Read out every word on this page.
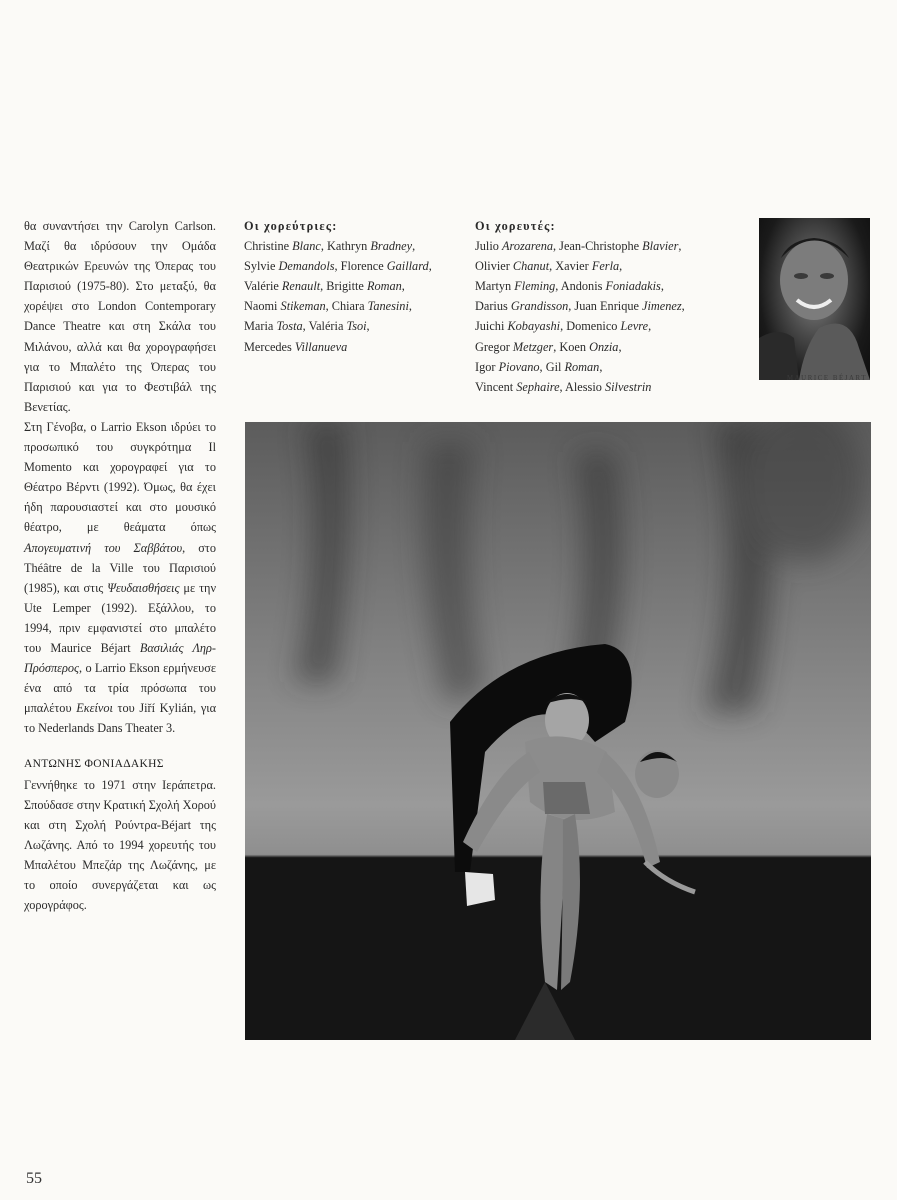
θα συναντήσει την Carolyn Carlson. Μαζί θα ιδρύσουν την Ομάδα Θεατρικών Ερευνών της Όπερας του Παρισιού (1975-80). Στο μεταξύ, θα χορέψει στο London Contemporary Dance Theatre και στη Σκάλα του Μιλάνου, αλλά και θα χορογραφήσει για το Μπαλέτο της Όπερας του Παρισιού και για το Φεστιβάλ της Βενετίας.

Στη Γένοβα, ο Larrio Ekson ιδρύει το προσωπικό του συγκρότημα Il Momento και χορογραφεί για το Θέατρο Βέρντι (1992). Όμως, θα έχει ήδη παρουσιαστεί και στο μουσικό θέατρο, με θεάματα όπως Απογευματινή του Σαββάτου, στο Théâtre de la Ville του Παρισιού (1985), και στις Ψευδαισθήσεις με την Ute Lemper (1992). Εξάλλου, το 1994, πριν εμφανιστεί στο μπαλέτο του Maurice Béjart Βασιλιάς Ληρ-Πρόσπερος, ο Larrio Ekson ερμήνευσε ένα από τα τρία πρόσωπα του μπαλέτου Εκείνοι του Jiří Kylián, για το Nederlands Dans Theater 3.

ΑΝΤΩΝΗΣ ΦΟΝΙΑΔΑΚΗΣ

Γεννήθηκε το 1971 στην Ιεράπετρα. Σπούδασε στην Κρατική Σχολή Χορού και στη Σχολή Ρούντρα-Béjart της Λωζάνης. Από το 1994 χορευτής του Μπαλέτου Μπεζάρ της Λωζάνης, με το οποίο συνεργάζεται και ως χορογράφος.

Οι χορεύτριες:
Christine Blanc, Kathryn Bradney,
Sylvie Demandols, Florence Gaillard,
Valérie Renault, Brigitte Roman,
Naomi Stikeman, Chiara Tanesini,
Maria Tosta, Valéria Tsoi,
Mercedes Villanueva
Οι χορευτές:
Julio Arozarena, Jean-Christophe Blavier,
Olivier Chanut, Xavier Ferla,
Martyn Fleming, Andonis Foniadakis,
Darius Grandisson, Juan Enrique Jimenez,
Juichi Kobayashi, Domenico Levre,
Gregor Metzger, Koen Onzia,
Igor Piovano, Gil Roman,
Vincent Sephaire, Alessio Silvestrin
MAURICE BÉJART
55
